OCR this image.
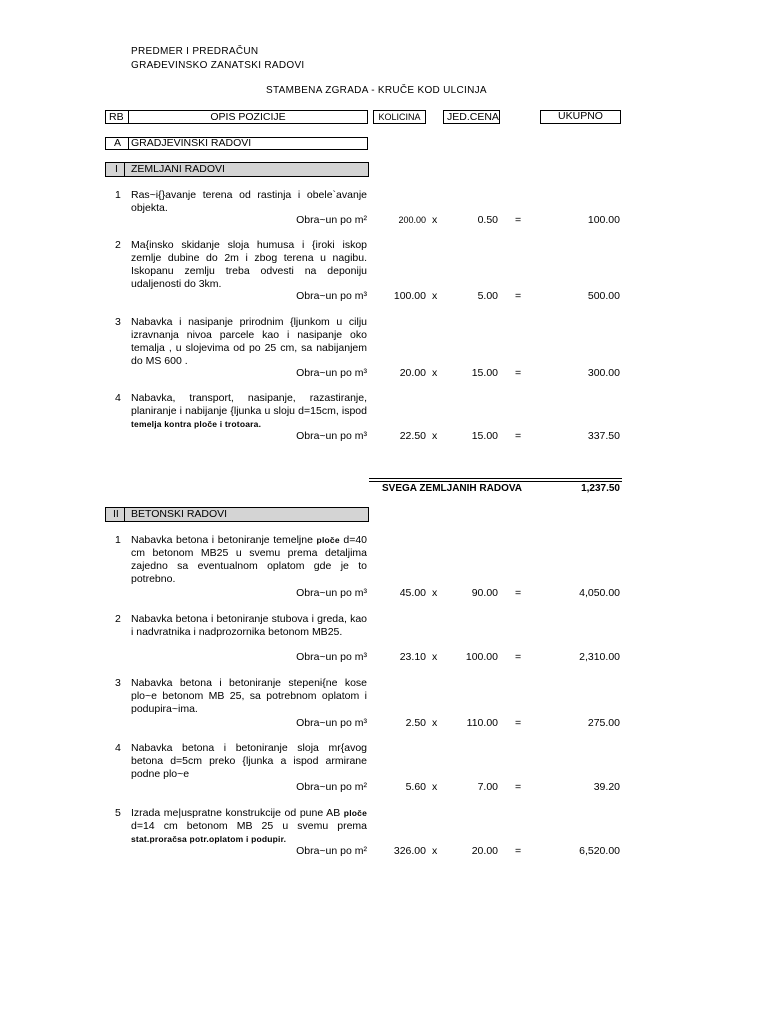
PREDMER I PREDRAČUN
GRAĐEVINSKO ZANATSKI RADOVI
STAMBENA ZGRADA - KRUČE KOD ULCINJA
RB	OPIS POZICIJE	KOLICINA	JED.CENA	UKUPNO
A GRADJEVINSKI RADOVI
I ZEMLJANI RADOVI
1 Ras~i{}avanje terena od rastinja i obele`avanje objekta.
Obra~un po m²	200.00 x	0.50 =	100.00
2 Ma{insko skidanje sloja humusa i {iroki iskop zemlje dubine do 2m i zbog terena u nagibu. Iskopanu zemlju treba odvesti na deponiju udaljenosti do 3km.
Obra~un po m³	100.00 x	5.00 =	500.00
3 Nabavka i nasipanje prirodnim {ljunkom u cilju izravnanja nivoa parcele kao i nasipanje oko temalja , u slojevima od po 25 cm, sa nabijanjem do MS 600 .
Obra~un po m³	20.00 x	15.00 =	300.00
4 Nabavka, transport, nasipanje, razastiranje, planiranje i nabijanje {ljunka u sloju d=15cm, ispod temelja kontra ploče i trotoara.
Obra~un po m³	22.50 x	15.00 =	337.50
SVEGA ZEMLJANIH RADOVA	1,237.50
II BETONSKI RADOVI
1 Nabavka betona i betoniranje temeljne ploče d=40 cm betonom MB25 u svemu prema detaljima zajedno sa eventualnom oplatom gde je to potrebno.
Obra~un po m³	45.00 x	90.00 =	4,050.00
2 Nabavka betona i betoniranje stubova i greda, kao i nadvratnika i nadprozornika betonom MB25.
Obra~un po m³	23.10 x	100.00 =	2,310.00
3 Nabavka betona i betoniranje stepeni{ne kose plo~e betonom MB 25, sa potrebnom oplatom i podupira~ima.
Obra~un po m³	2.50 x	110.00 =	275.00
4 Nabavka betona i betoniranje sloja mr{avog betona d=5cm preko {ljunka a ispod armirane podne plo~e
Obra~un po m²	5.60 x	7.00 =	39.20
5 Izrada me|uspratne konstrukcije od pune AB ploče d=14 cm betonom MB 25 u svemu prema stat.proračsa potr.oplatom i podupir.
Obra~un po m²	326.00 x	20.00 =	6,520.00
